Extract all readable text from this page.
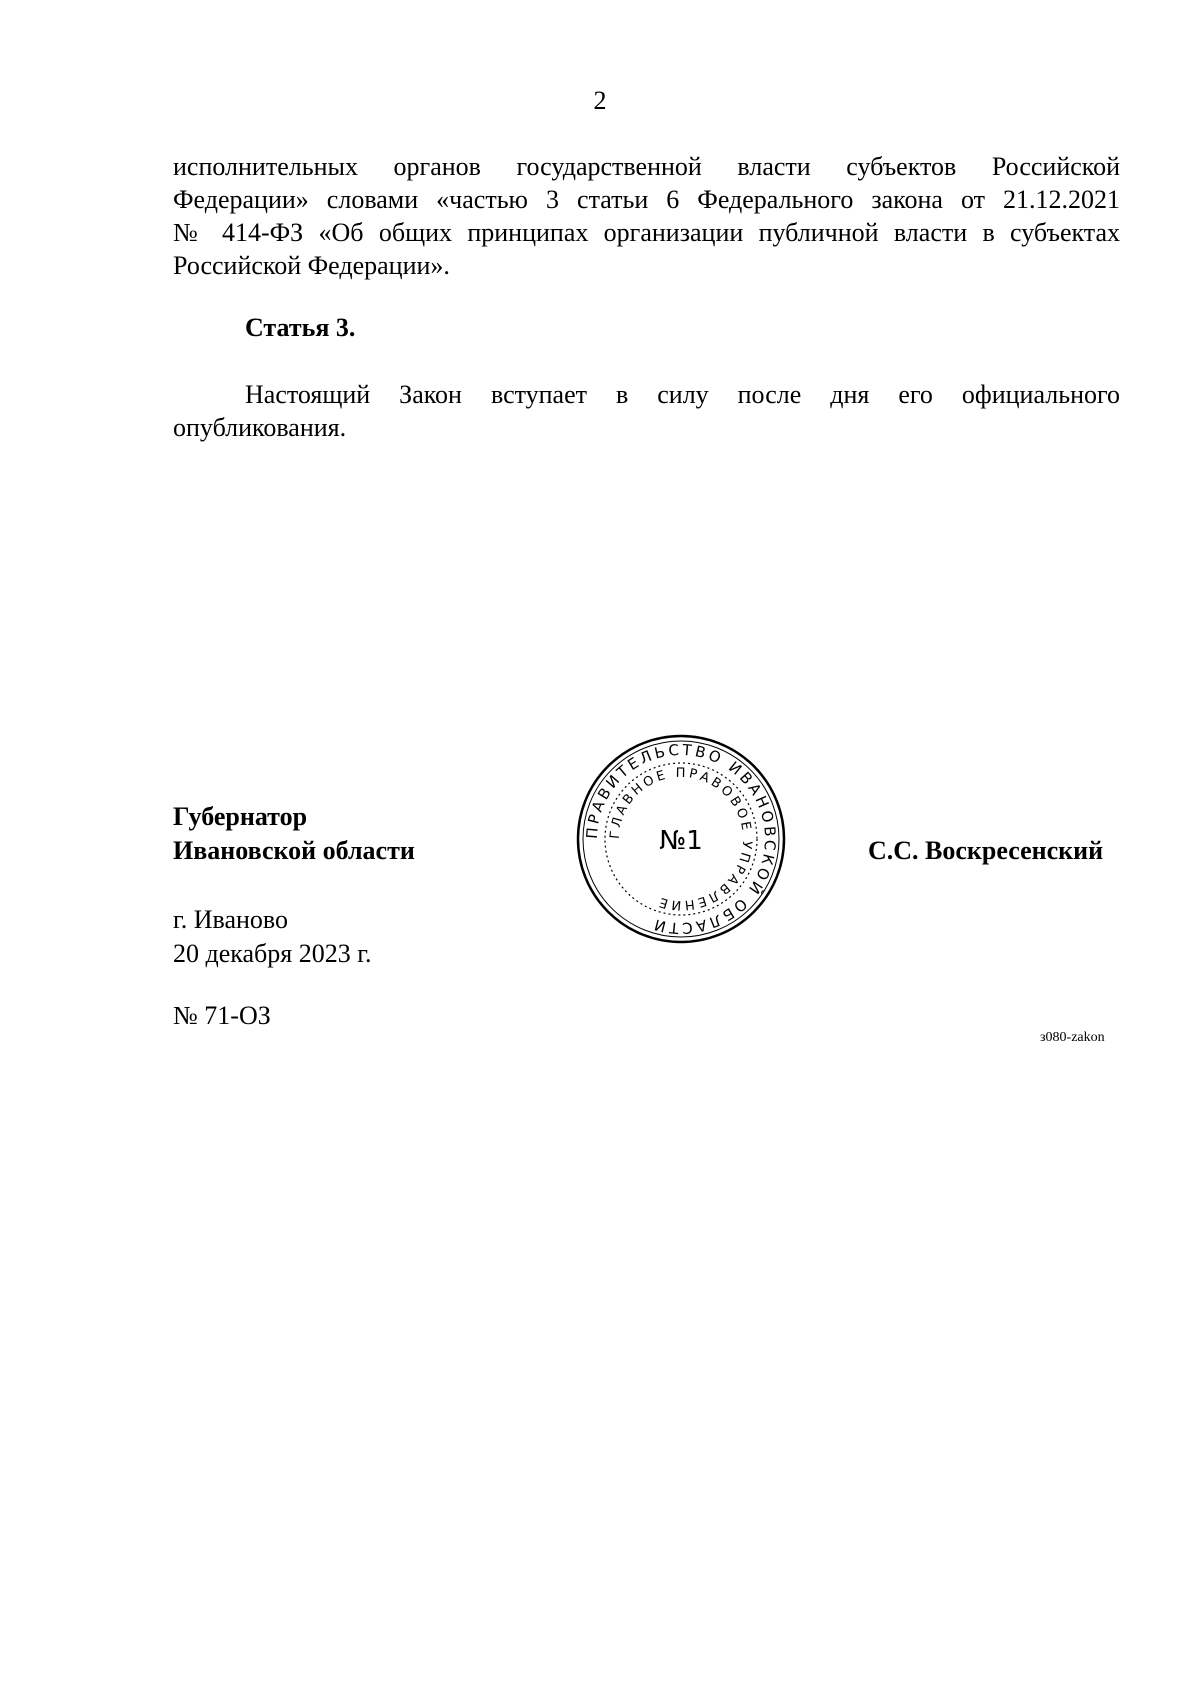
2
исполнительных органов государственной власти субъектов Российской
Федерации» словами «частью 3 статьи 6 Федерального закона от 21.12.2021
№ 414-ФЗ «Об общих принципах организации публичной власти в субъектах
Российской Федерации».
Статья 3.
Настоящий Закон вступает в силу после дня его официального
опубликования.
Губернатор
Ивановской области
ПРАВИТЕЛЬСТВО ИВАНОВСКОЙ ОБЛАСТИ
ГЛАВНОЕ ПРАВОВОЕ УПРАВЛЕНИЕ
№1	С.С. Воскресенский
г. Иваново
20 декабря 2023 г.
№ 71-ОЗ
з080-zakon
